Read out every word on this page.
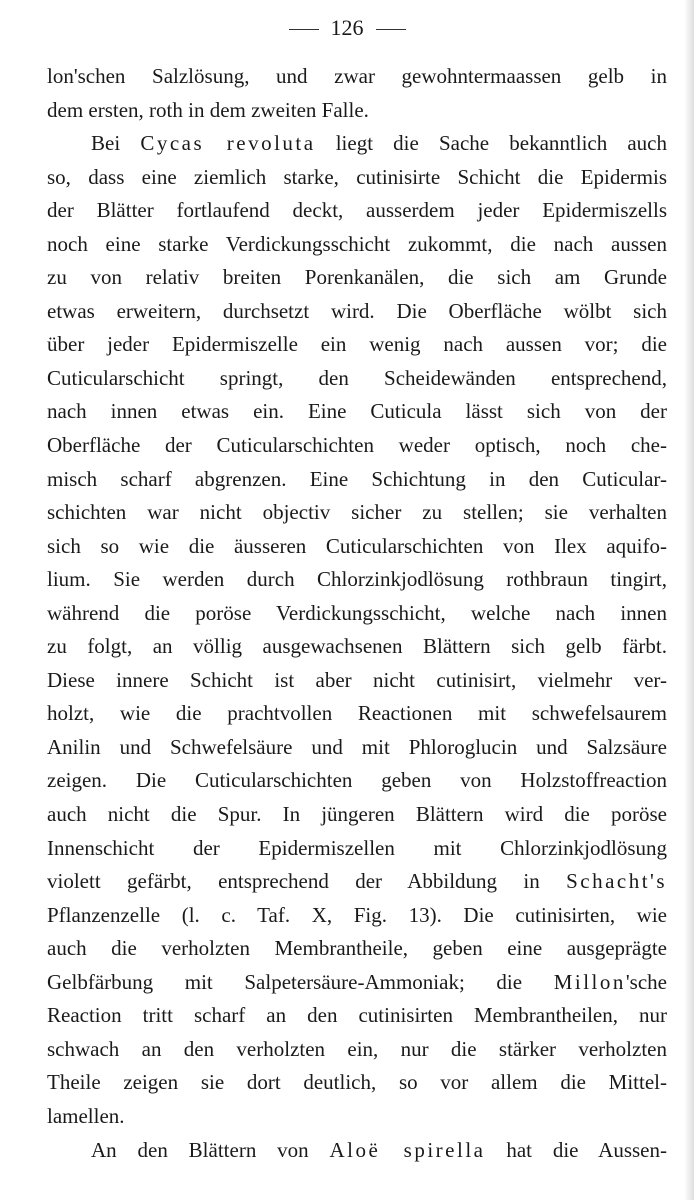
126
lon'schen Salzlösung, und zwar gewohntermaassen gelb in
dem ersten, roth in dem zweiten Falle.
Bei Cycas revoluta liegt die Sache bekanntlich auch
so, dass eine ziemlich starke, cutinisirte Schicht die Epidermis
der Blätter fortlaufend deckt, ausserdem jeder Epidermiszells
noch eine starke Verdickungsschicht zukommt, die nach aussen
zu von relativ breiten Porenkanälen, die sich am Grunde
etwas erweitern, durchsetzt wird. Die Oberfläche wölbt sich
über jeder Epidermiszelle ein wenig nach aussen vor; die
Cuticularschicht springt, den Scheidewänden entsprechend,
nach innen etwas ein. Eine Cuticula lässt sich von der
Oberfläche der Cuticularschichten weder optisch, noch che-
misch scharf abgrenzen. Eine Schichtung in den Cuticular-
schichten war nicht objectiv sicher zu stellen; sie verhalten
sich so wie die äusseren Cuticularschichten von Ilex aquifo-
lium. Sie werden durch Chlorzinkjodlösung rothbraun tingirt,
während die poröse Verdickungsschicht, welche nach innen
zu folgt, an völlig ausgewachsenen Blättern sich gelb färbt.
Diese innere Schicht ist aber nicht cutinisirt, vielmehr ver-
holzt, wie die prachtvollen Reactionen mit schwefelsaurem
Anilin und Schwefelsäure und mit Phloroglucin und Salzsäure
zeigen. Die Cuticularschichten geben von Holzstoffreaction
auch nicht die Spur. In jüngeren Blättern wird die poröse
Innenschicht der Epidermiszellen mit Chlorzinkjodlösung
violett gefärbt, entsprechend der Abbildung in Schacht's
Pflanzenzelle (l. c. Taf. X, Fig. 13). Die cutinisirten, wie
auch die verholzten Membrantheile, geben eine ausgeprägte
Gelbfärbung mit Salpetersäure-Ammoniak; die Millon'sche
Reaction tritt scharf an den cutinisirten Membrantheilen, nur
schwach an den verholzten ein, nur die stärker verholzten
Theile zeigen sie dort deutlich, so vor allem die Mittel-
lamellen.
An den Blättern von Aloë spirella hat die Aussen-
